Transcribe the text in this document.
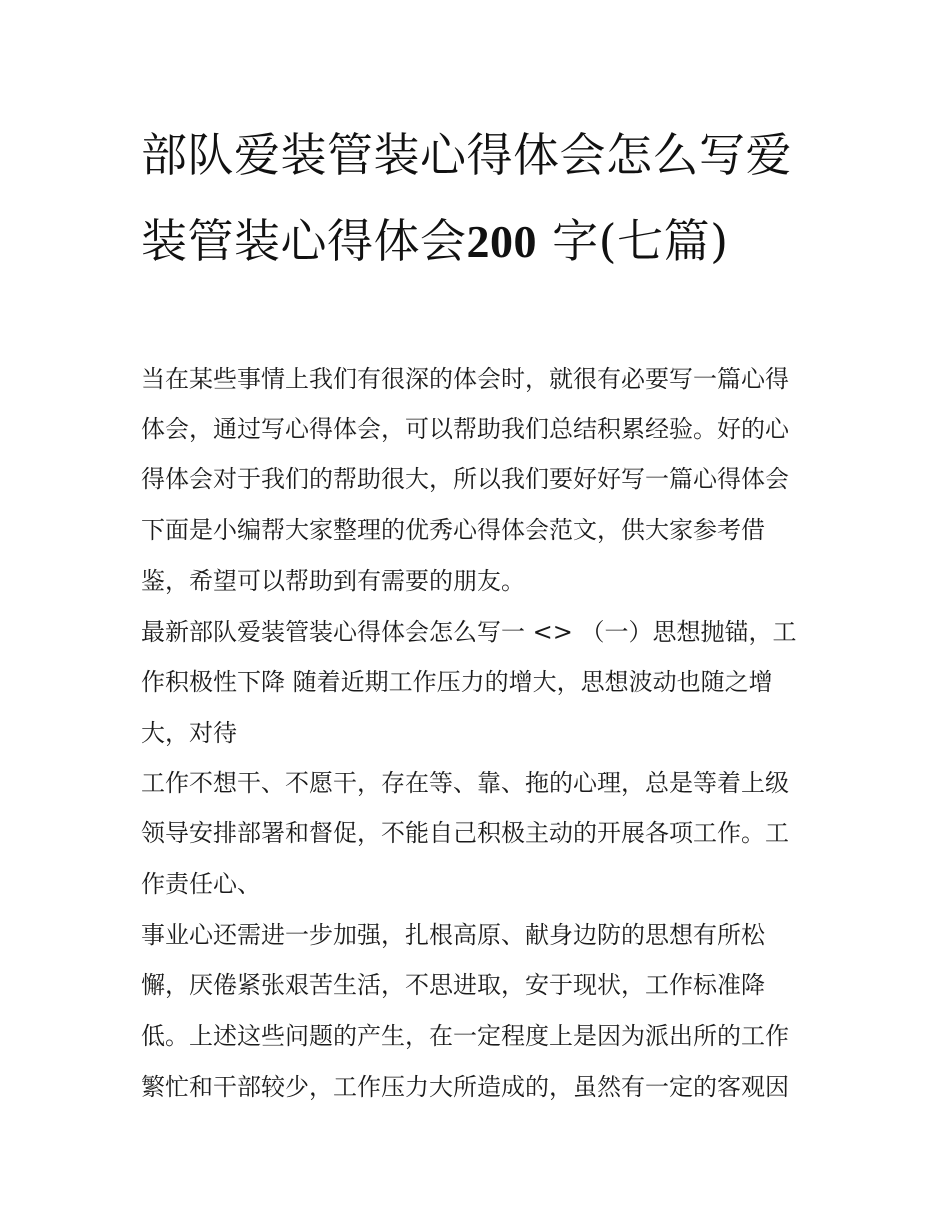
部队爱装管装心得体会怎么写爱装管装心得体会200 字(七篇)

当在某些事情上我们有很深的体会时，就很有必要写一篇心得

体会，通过写心得体会，可以帮助我们总结积累经验。好的心

得体会对于我们的帮助很大，所以我们要好好写一篇心得体会

下面是小编帮大家整理的优秀心得体会范文，供大家参考借

鉴，希望可以帮助到有需要的朋友。

最新部队爱装管装心得体会怎么写一 <> （一）思想抛锚，工

作积极性下降 随着近期工作压力的增大，思想波动也随之增

大，对待

工作不想干、不愿干，存在等、靠、拖的心理，总是等着上级

领导安排部署和督促，不能自己积极主动的开展各项工作。工

作责任心、

事业心还需进一步加强，扎根高原、献身边防的思想有所松

懈，厌倦紧张艰苦生活，不思进取，安于现状，工作标准降

低。上述这些问题的产生，在一定程度上是因为派出所的工作

繁忙和干部较少，工作压力大所造成的，虽然有一定的客观因
